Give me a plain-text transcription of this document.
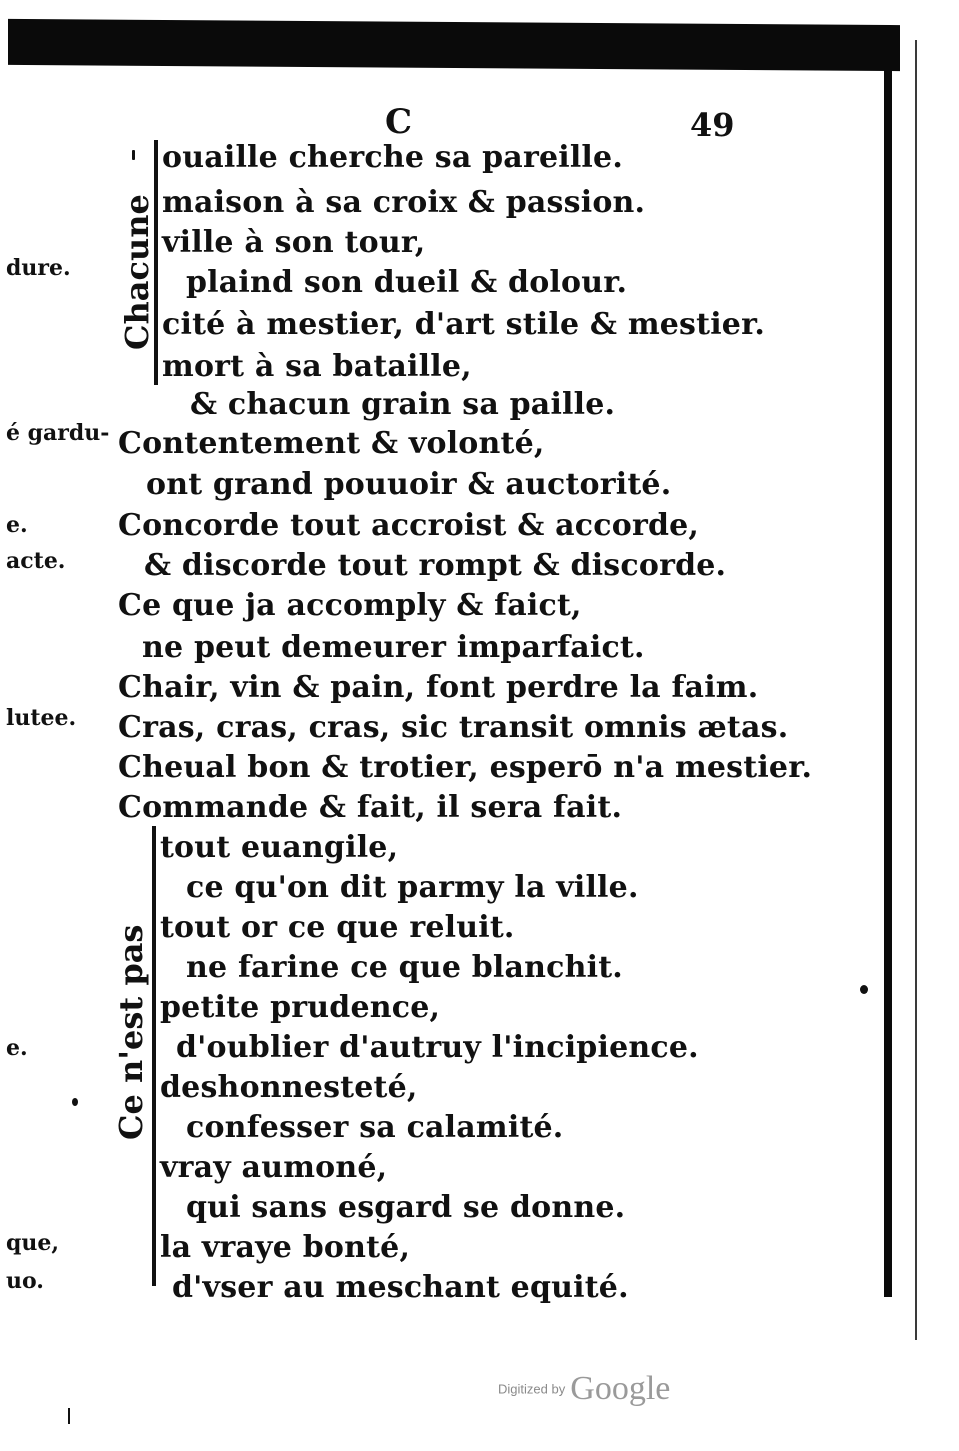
C	49
dure.
é gardu-
e.
acte.
lutee.
e.
que,
uo.
Chacune
ouaille cherche sa pareille.
maison à sa croix & passion.
ville à son tour,
plaind son dueil & dolour.
cité à mestier, d'art stile & mestier.
mort à sa bataille,
& chacun grain sa paille.
Contentement & volonté,
ont grand pouuoir & auctorité.
Concorde tout accroist & accorde,
& discorde tout rompt & discorde.
Ce que ja accomply & faict,
ne peut demeurer imparfaict.
Chair, vin & pain, font perdre la faim.
Cras, cras, cras, sic transit omnis ætas.
Cheual bon & trotier, esperō n'a mestier.
Commande & fait, il sera fait.
Ce n'est pas
tout euangile,
ce qu'on dit parmy la ville.
tout or ce que reluit.
ne farine ce que blanchit.
petite prudence,
d'oublier d'autruy l'incipience.
deshonnesteté,
confesser sa calamité.
vray aumoné,
qui sans esgard se donne.
la vraye bonté,
d'vser au meschant equité.
Digitized by Google
